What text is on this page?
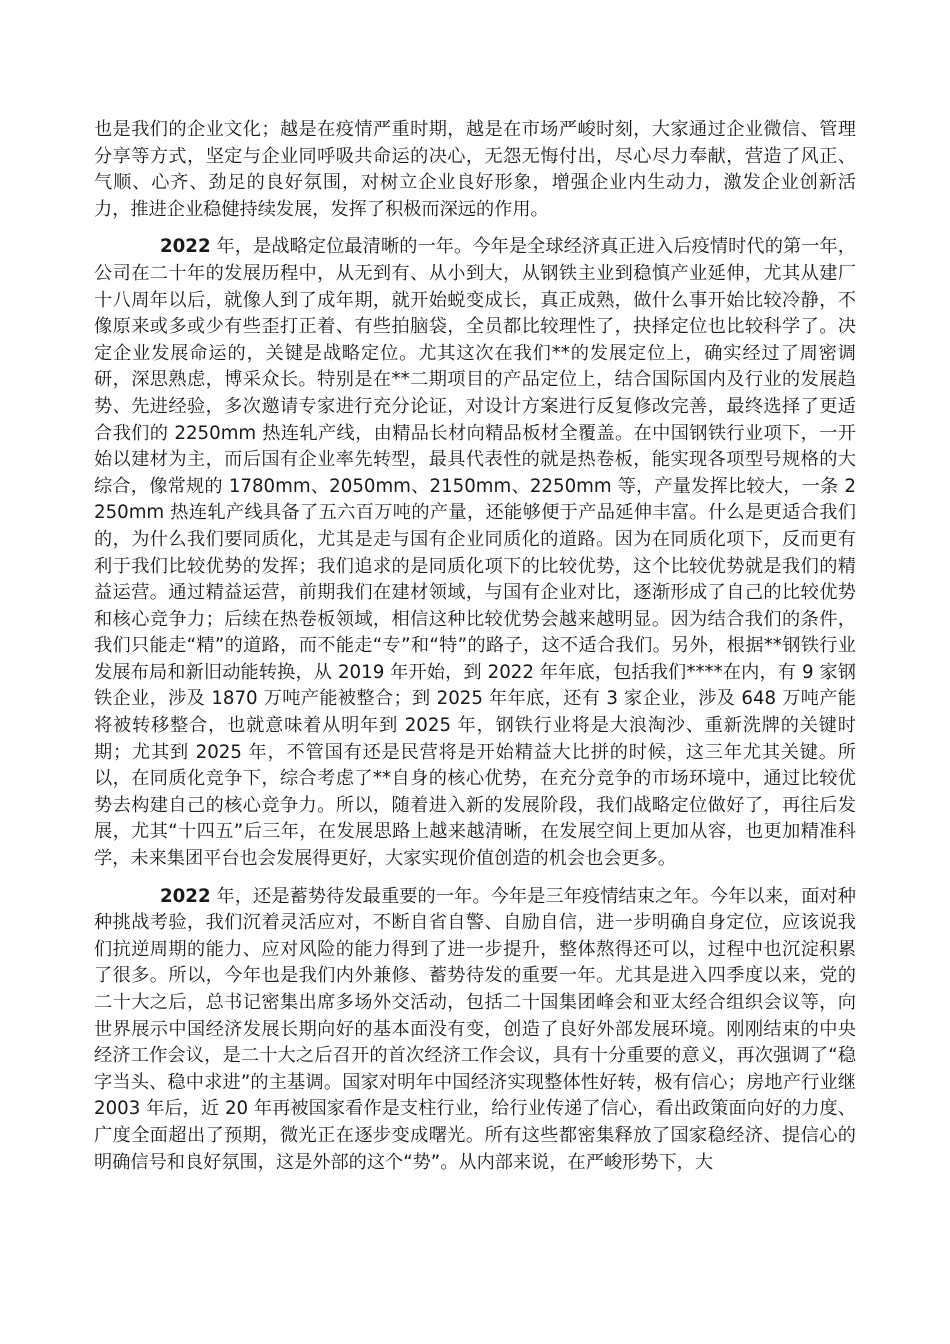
也是我们的企业文化；越是在疫情严重时期，越是在市场严峻时刻，大家通过企业微信、管理分享等方式，坚定与企业同呼吸共命运的决心，无怨无悔付出，尽心尽力奉献，营造了风正、气顺、心齐、劲足的良好氛围，对树立企业良好形象，增强企业内生动力，激发企业创新活力，推进企业稳健持续发展，发挥了积极而深远的作用。

2022 年，是战略定位最清晰的一年。今年是全球经济真正进入后疫情时代的第一年，公司在二十年的发展历程中，从无到有、从小到大，从钢铁主业到稳慎产业延伸，尤其从建厂十八周年以后，就像人到了成年期，就开始蜕变成长，真正成熟，做什么事开始比较冷静，不像原来或多或少有些歪打正着、有些拍脑袋，全员都比较理性了，抉择定位也比较科学了。决定企业发展命运的，关键是战略定位。尤其这次在我们**的发展定位上，确实经过了周密调研，深思熟虑，博采众长。特别是在**二期项目的产品定位上，结合国际国内及行业的发展趋势、先进经验，多次邀请专家进行充分论证，对设计方案进行反复修改完善，最终选择了更适合我们的 2250mm 热连轧产线，由精品长材向精品板材全覆盖。在中国钢铁行业项下，一开始以建材为主，而后国有企业率先转型，最具代表性的就是热卷板，能实现各项型号规格的大综合，像常规的 1780mm、2050mm、2150mm、2250mm 等，产量发挥比较大，一条 2250mm 热连轧产线具备了五六百万吨的产量，还能够便于产品延伸丰富。什么是更适合我们的，为什么我们要同质化，尤其是走与国有企业同质化的道路。因为在同质化项下，反而更有利于我们比较优势的发挥；我们追求的是同质化项下的比较优势，这个比较优势就是我们的精益运营。通过精益运营，前期我们在建材领域，与国有企业对比，逐渐形成了自己的比较优势和核心竞争力；后续在热卷板领域，相信这种比较优势会越来越明显。因为结合我们的条件，我们只能走“精”的道路，而不能走“专”和“特”的路子，这不适合我们。另外，根据**钢铁行业发展布局和新旧动能转换，从 2019 年开始，到 2022 年年底，包括我们****在内，有 9 家钢铁企业，涉及 1870 万吨产能被整合；到 2025 年年底，还有 3 家企业，涉及 648 万吨产能将被转移整合，也就意味着从明年到 2025 年，钢铁行业将是大浪淘沙、重新洗牌的关键时期；尤其到 2025 年，不管国有还是民营将是开始精益大比拼的时候，这三年尤其关键。所以，在同质化竞争下，综合考虑了**自身的核心优势，在充分竞争的市场环境中，通过比较优势去构建自己的核心竞争力。所以，随着进入新的发展阶段，我们战略定位做好了，再往后发展，尤其“十四五”后三年，在发展思路上越来越清晰，在发展空间上更加从容，也更加精准科学，未来集团平台也会发展得更好，大家实现价值创造的机会也会更多。

2022 年，还是蓄势待发最重要的一年。今年是三年疫情结束之年。今年以来，面对种种挑战考验，我们沉着灵活应对，不断自省自警、自励自信，进一步明确自身定位，应该说我们抗逆周期的能力、应对风险的能力得到了进一步提升，整体熬得还可以，过程中也沉淀积累了很多。所以，今年也是我们内外兼修、蓄势待发的重要一年。尤其是进入四季度以来，党的二十大之后，总书记密集出席多场外交活动，包括二十国集团峰会和亚太经合组织会议等，向世界展示中国经济发展长期向好的基本面没有变，创造了良好外部发展环境。刚刚结束的中央经济工作会议，是二十大之后召开的首次经济工作会议，具有十分重要的意义，再次强调了“稳字当头、稳中求进”的主基调。国家对明年中国经济实现整体性好转，极有信心；房地产行业继 2003 年后，近 20 年再被国家看作是支柱行业，给行业传递了信心，看出政策面向好的力度、广度全面超出了预期，微光正在逐步变成曙光。所有这些都密集释放了国家稳经济、提信心的明确信号和良好氛围，这是外部的这个“势”。从内部来说，在严峻形势下，大
